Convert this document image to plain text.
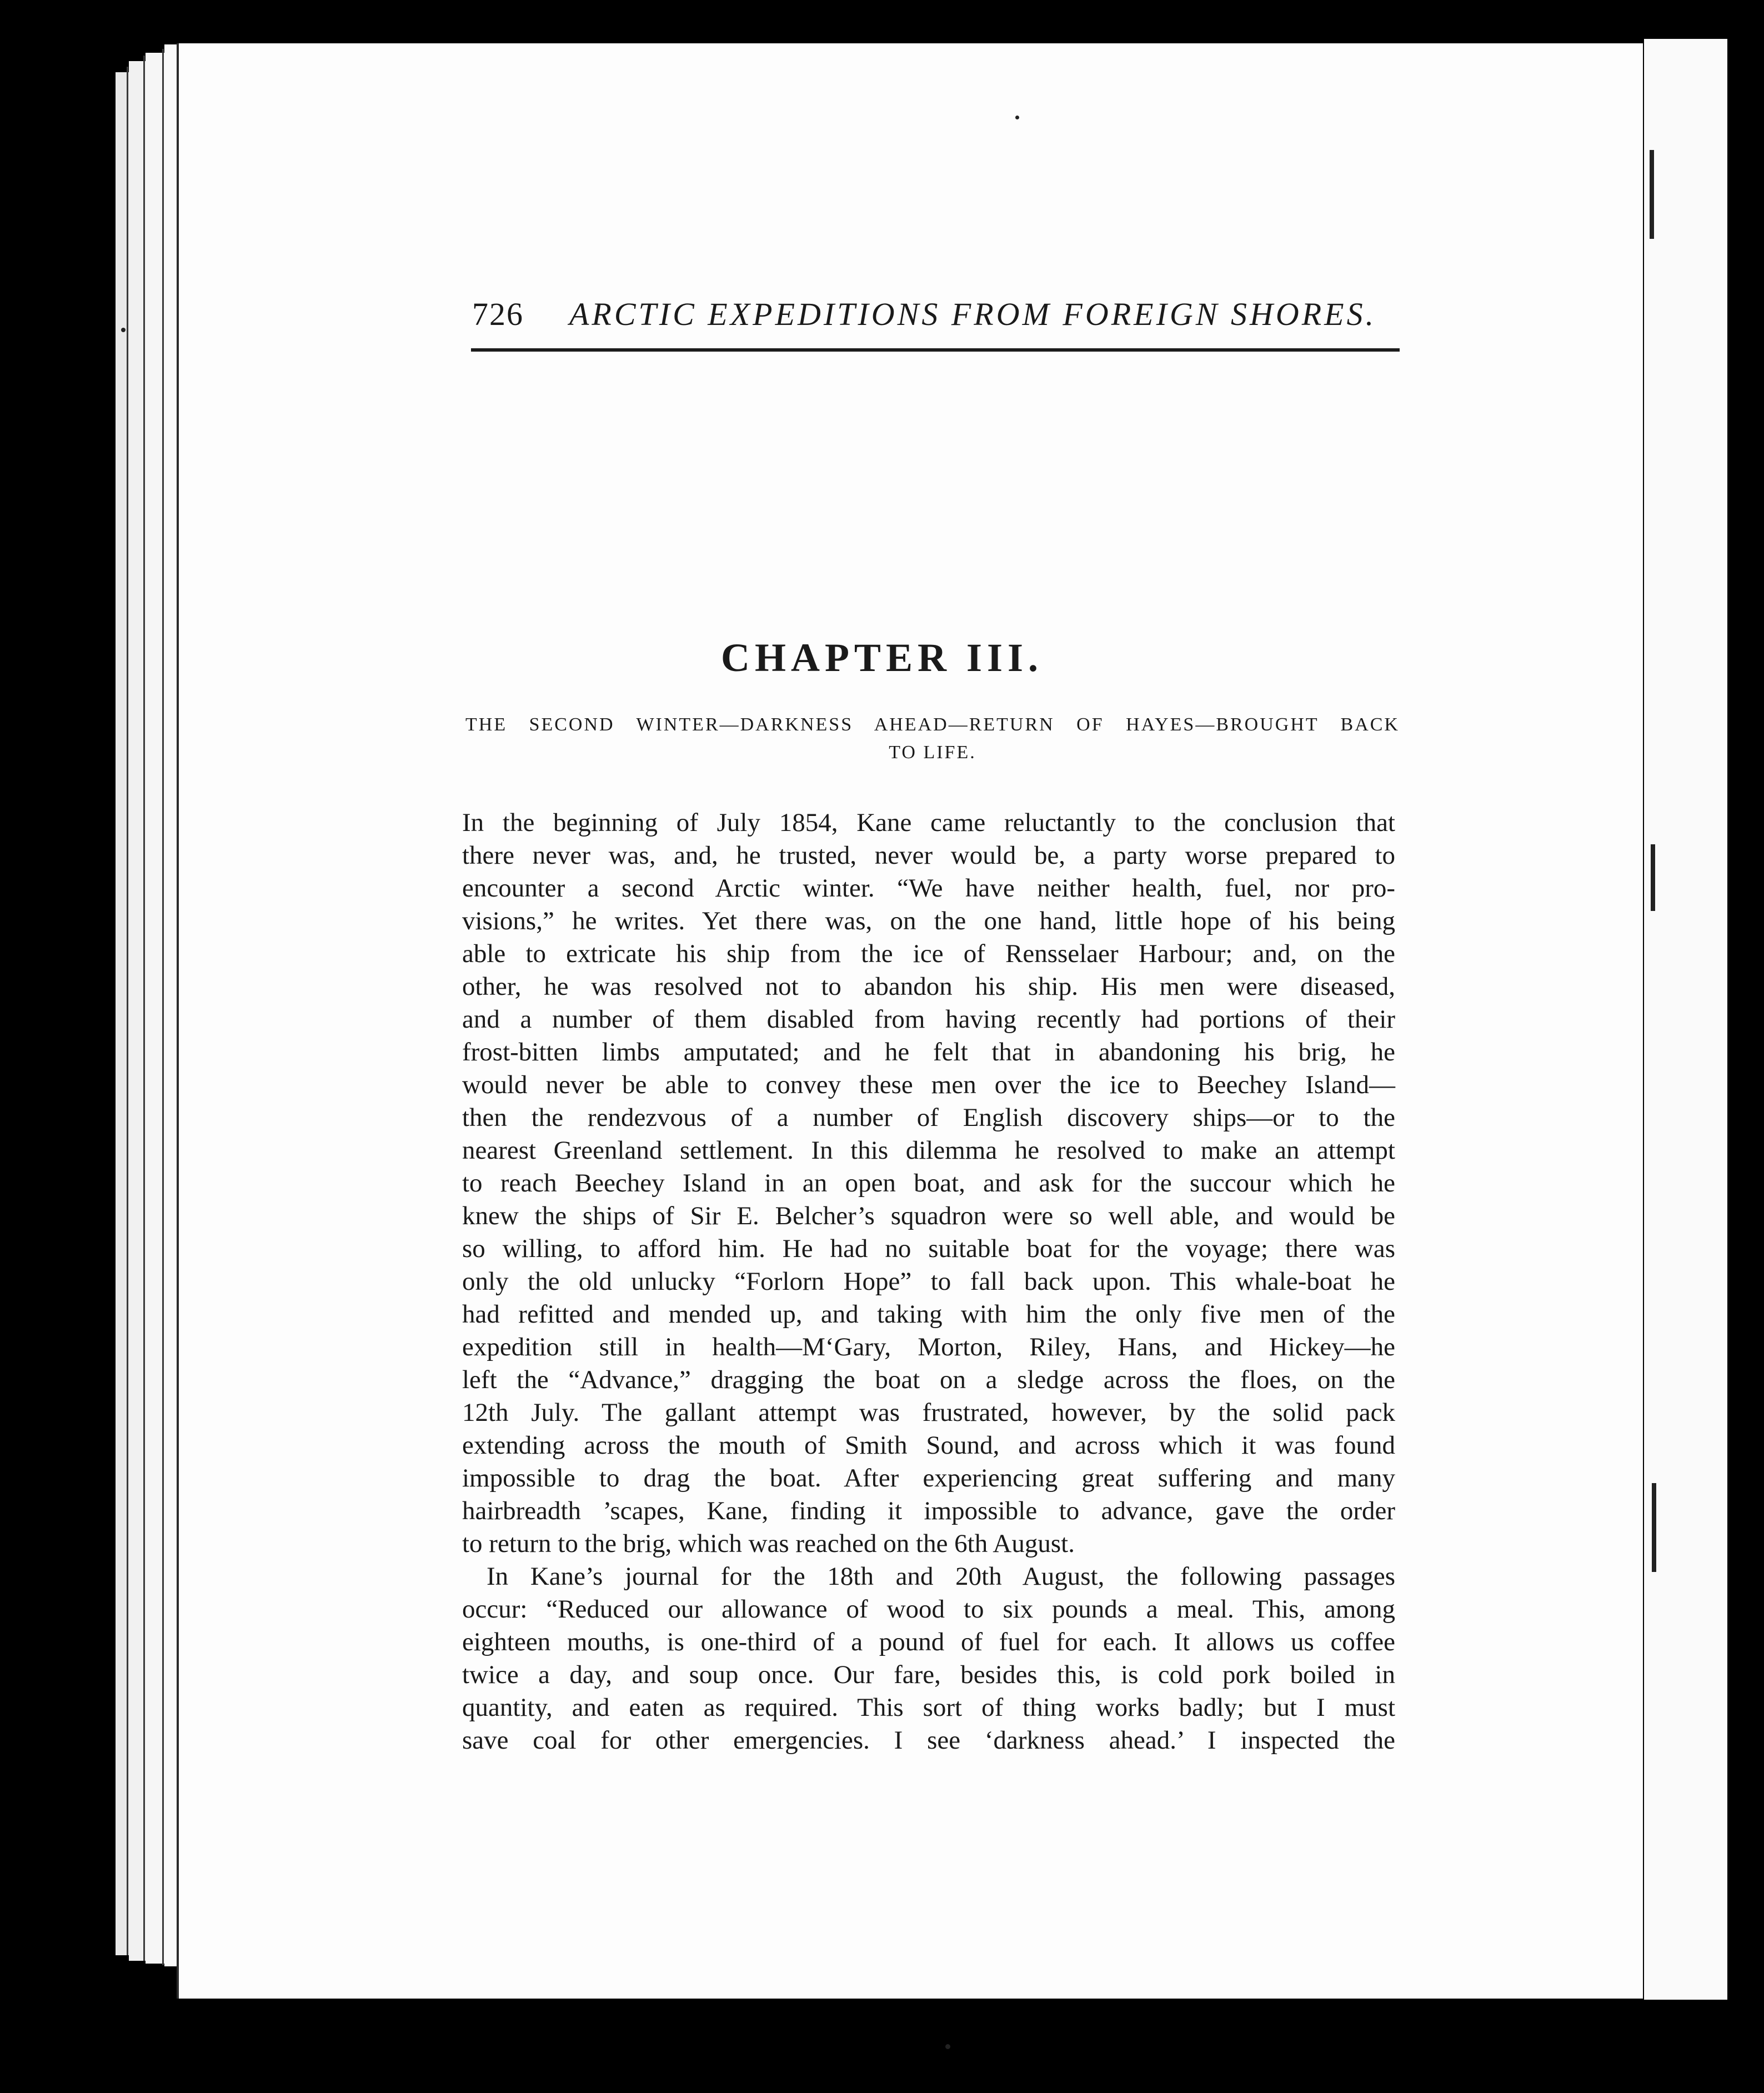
726 ARCTIC EXPEDITIONS FROM FOREIGN SHORES.
CHAPTER III.
THE SECOND WINTER—DARKNESS AHEAD—RETURN OF HAYES—BROUGHT BACK
TO LIFE.
In the beginning of July 1854, Kane came reluctantly to the conclusion that
there never was, and, he trusted, never would be, a party worse prepared to
encounter a second Arctic winter. “We have neither health, fuel, nor pro-
visions,” he writes. Yet there was, on the one hand, little hope of his being
able to extricate his ship from the ice of Rensselaer Harbour; and, on the
other, he was resolved not to abandon his ship. His men were diseased,
and a number of them disabled from having recently had portions of their
frost-bitten limbs amputated; and he felt that in abandoning his brig, he
would never be able to convey these men over the ice to Beechey Island—
then the rendezvous of a number of English discovery ships—or to the
nearest Greenland settlement. In this dilemma he resolved to make an attempt
to reach Beechey Island in an open boat, and ask for the succour which he
knew the ships of Sir E. Belcher’s squadron were so well able, and would be
so willing, to afford him. He had no suitable boat for the voyage; there was
only the old unlucky “Forlorn Hope” to fall back upon. This whale-boat he
had refitted and mended up, and taking with him the only five men of the
expedition still in health—M‘Gary, Morton, Riley, Hans, and Hickey—he
left the “Advance,” dragging the boat on a sledge across the floes, on the
12th July. The gallant attempt was frustrated, however, by the solid pack
extending across the mouth of Smith Sound, and across which it was found
impossible to drag the boat. After experiencing great suffering and many
hairbreadth ’scapes, Kane, finding it impossible to advance, gave the order
to return to the brig, which was reached on the 6th August.
In Kane’s journal for the 18th and 20th August, the following passages
occur: “Reduced our allowance of wood to six pounds a meal. This, among
eighteen mouths, is one-third of a pound of fuel for each. It allows us coffee
twice a day, and soup once. Our fare, besides this, is cold pork boiled in
quantity, and eaten as required. This sort of thing works badly; but I must
save coal for other emergencies. I see ‘darkness ahead.’ I inspected the
